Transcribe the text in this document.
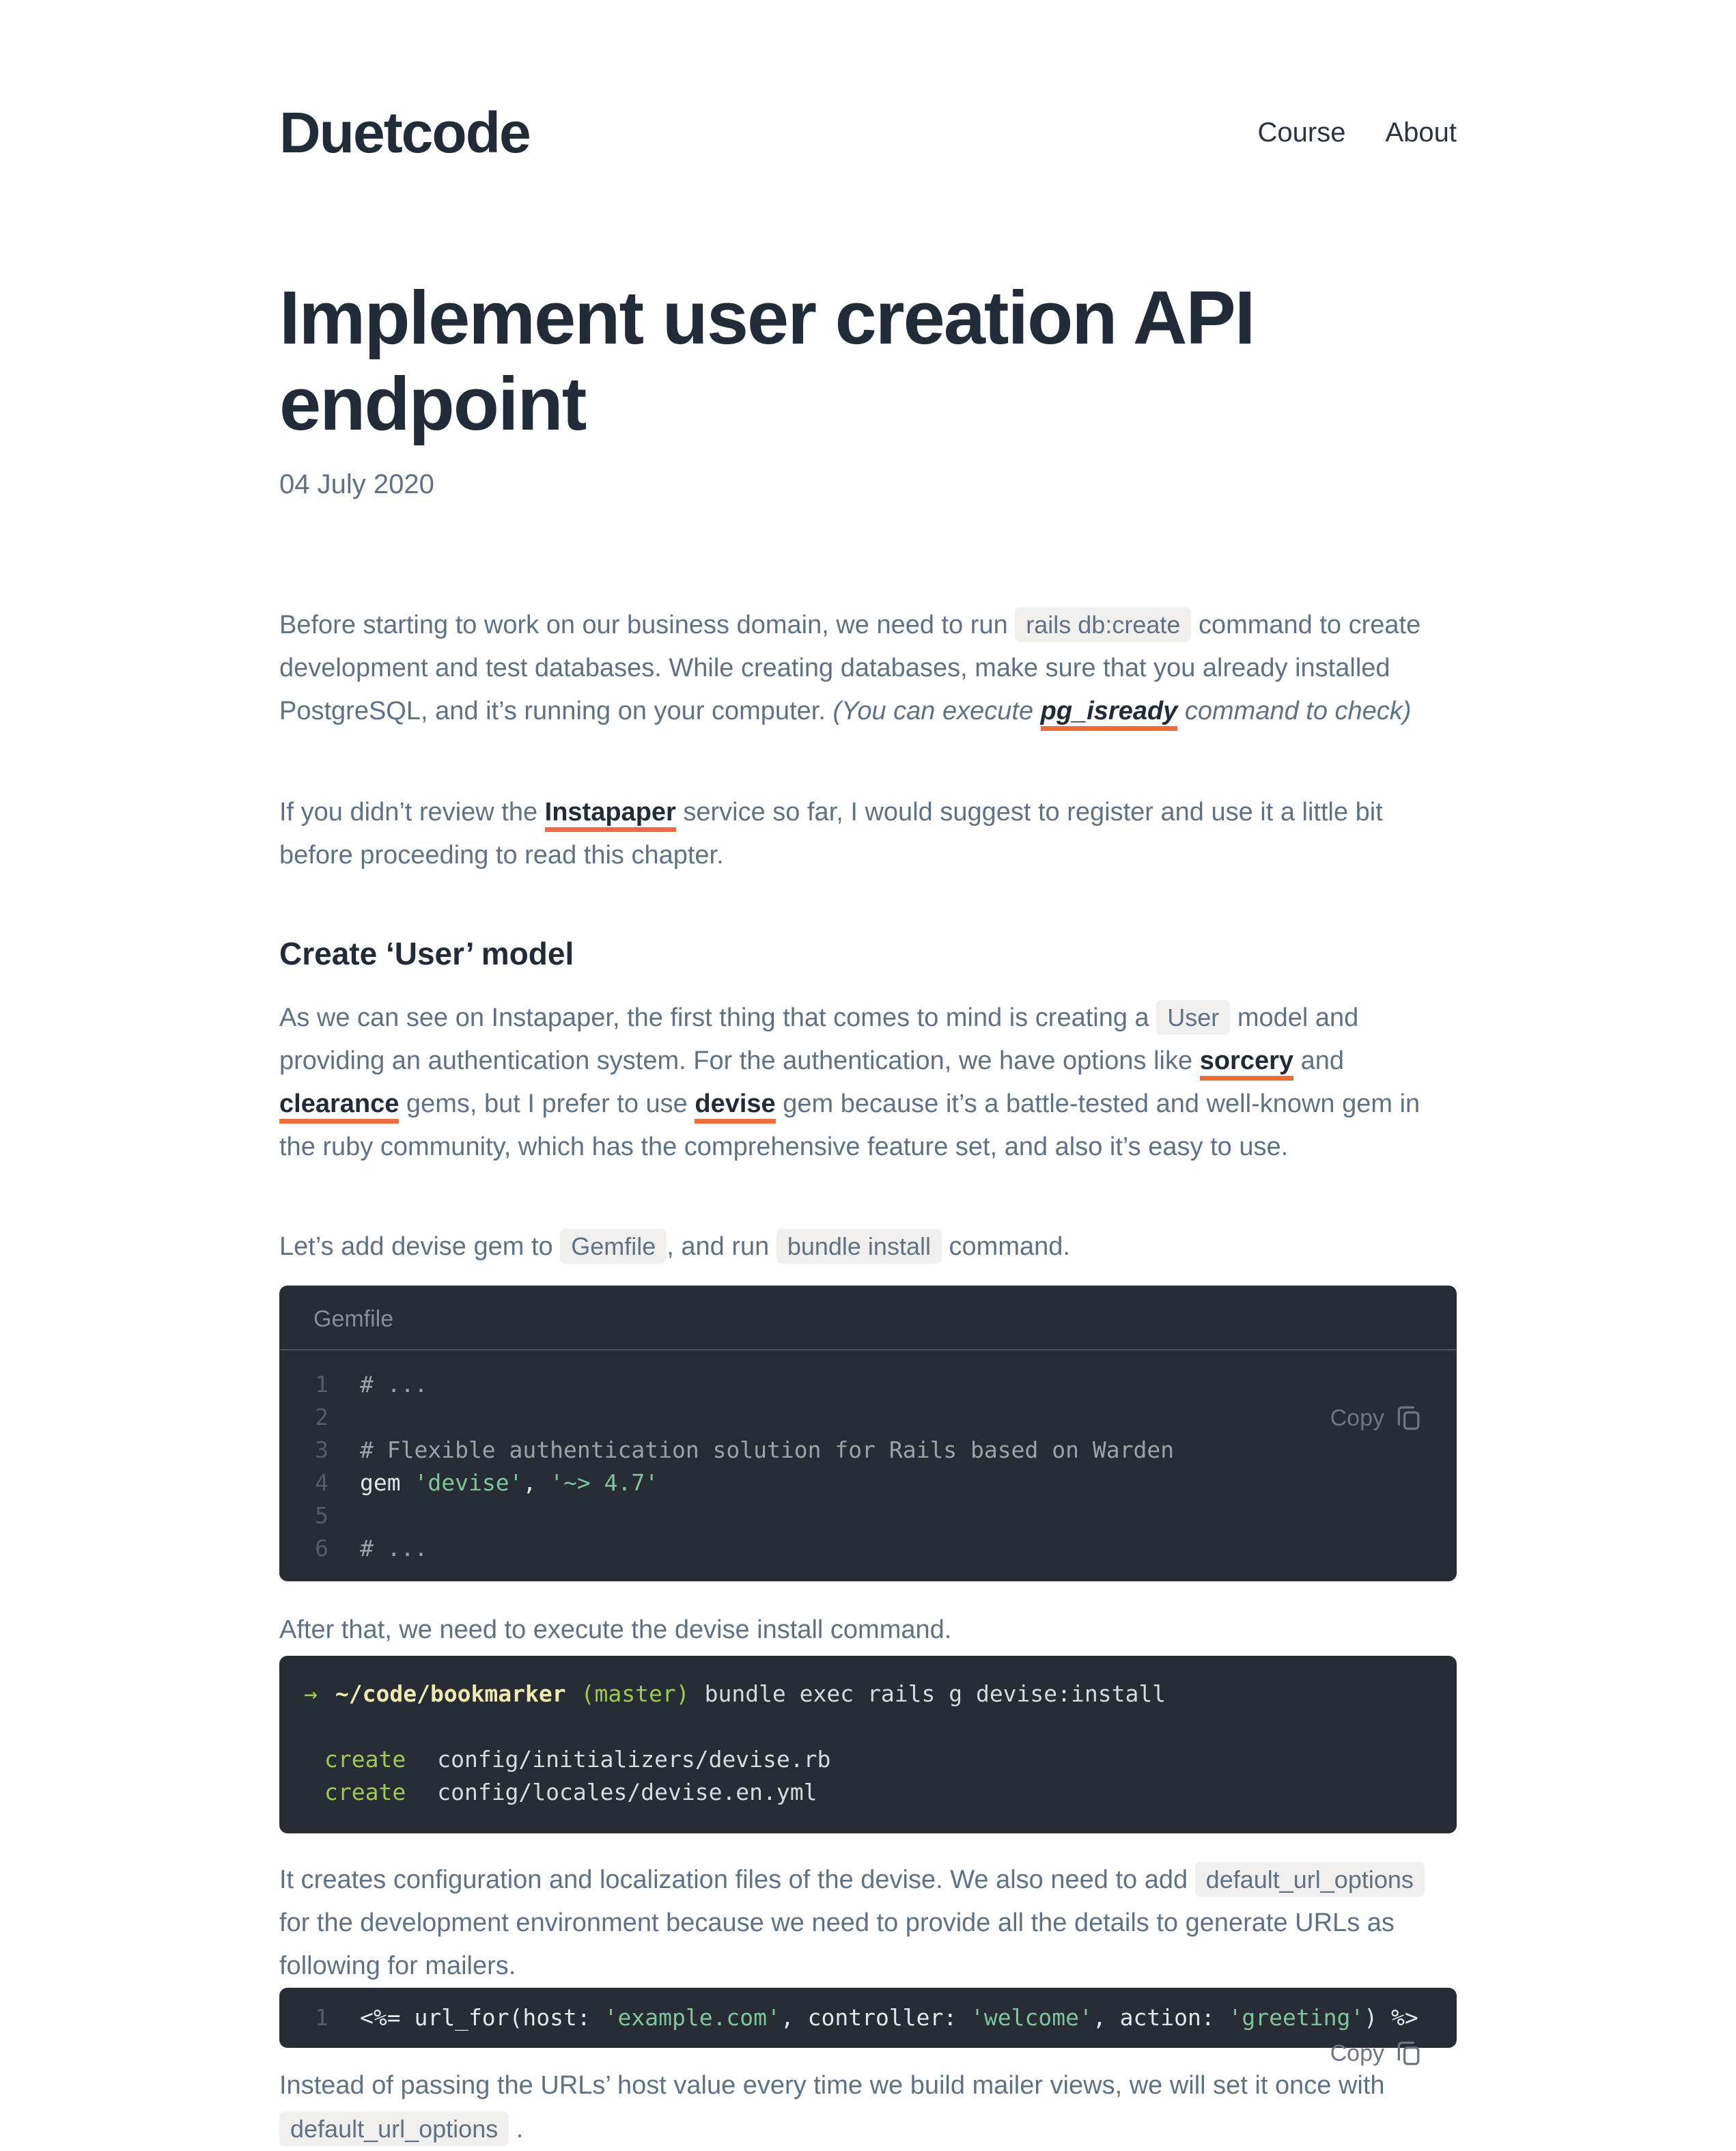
Duetcode	Course About
Implement user creation API endpoint
04 July 2020

Before starting to work on our business domain, we need to run rails db:create command to create development and test databases. While creating databases, make sure that you already installed PostgreSQL, and it’s running on your computer. (You can execute pg_isready command to check)

If you didn’t review the Instapaper service so far, I would suggest to register and use it a little bit before proceeding to read this chapter.

Create ‘User’ model

As we can see on Instapaper, the first thing that comes to mind is creating a User model and providing an authentication system. For the authentication, we have options like sorcery and clearance gems, but I prefer to use devise gem because it’s a battle-tested and well-known gem in the ruby community, which has the comprehensive feature set, and also it’s easy to use.

Let’s add devise gem to Gemfile , and run bundle install command.

Gemfile
Copy
1	# ...
2
3	# Flexible authentication solution for Rails based on Warden
4	gem 'devise', '~> 4.7'
5
6	# ...

After that, we need to execute the devise install command.

→ ~/code/bookmarker (master) bundle exec rails g devise:install
create config/initializers/devise.rb
create config/locales/devise.en.yml

It creates configuration and localization files of the devise. We also need to add default_url_options for the development environment because we need to provide all the details to generate URLs as following for mailers.

Copy
1	<%= url_for(host: 'example.com', controller: 'welcome', action: 'greeting') %>

Instead of passing the URLs’ host value every time we build mailer views, we will set it once with default_url_options .
